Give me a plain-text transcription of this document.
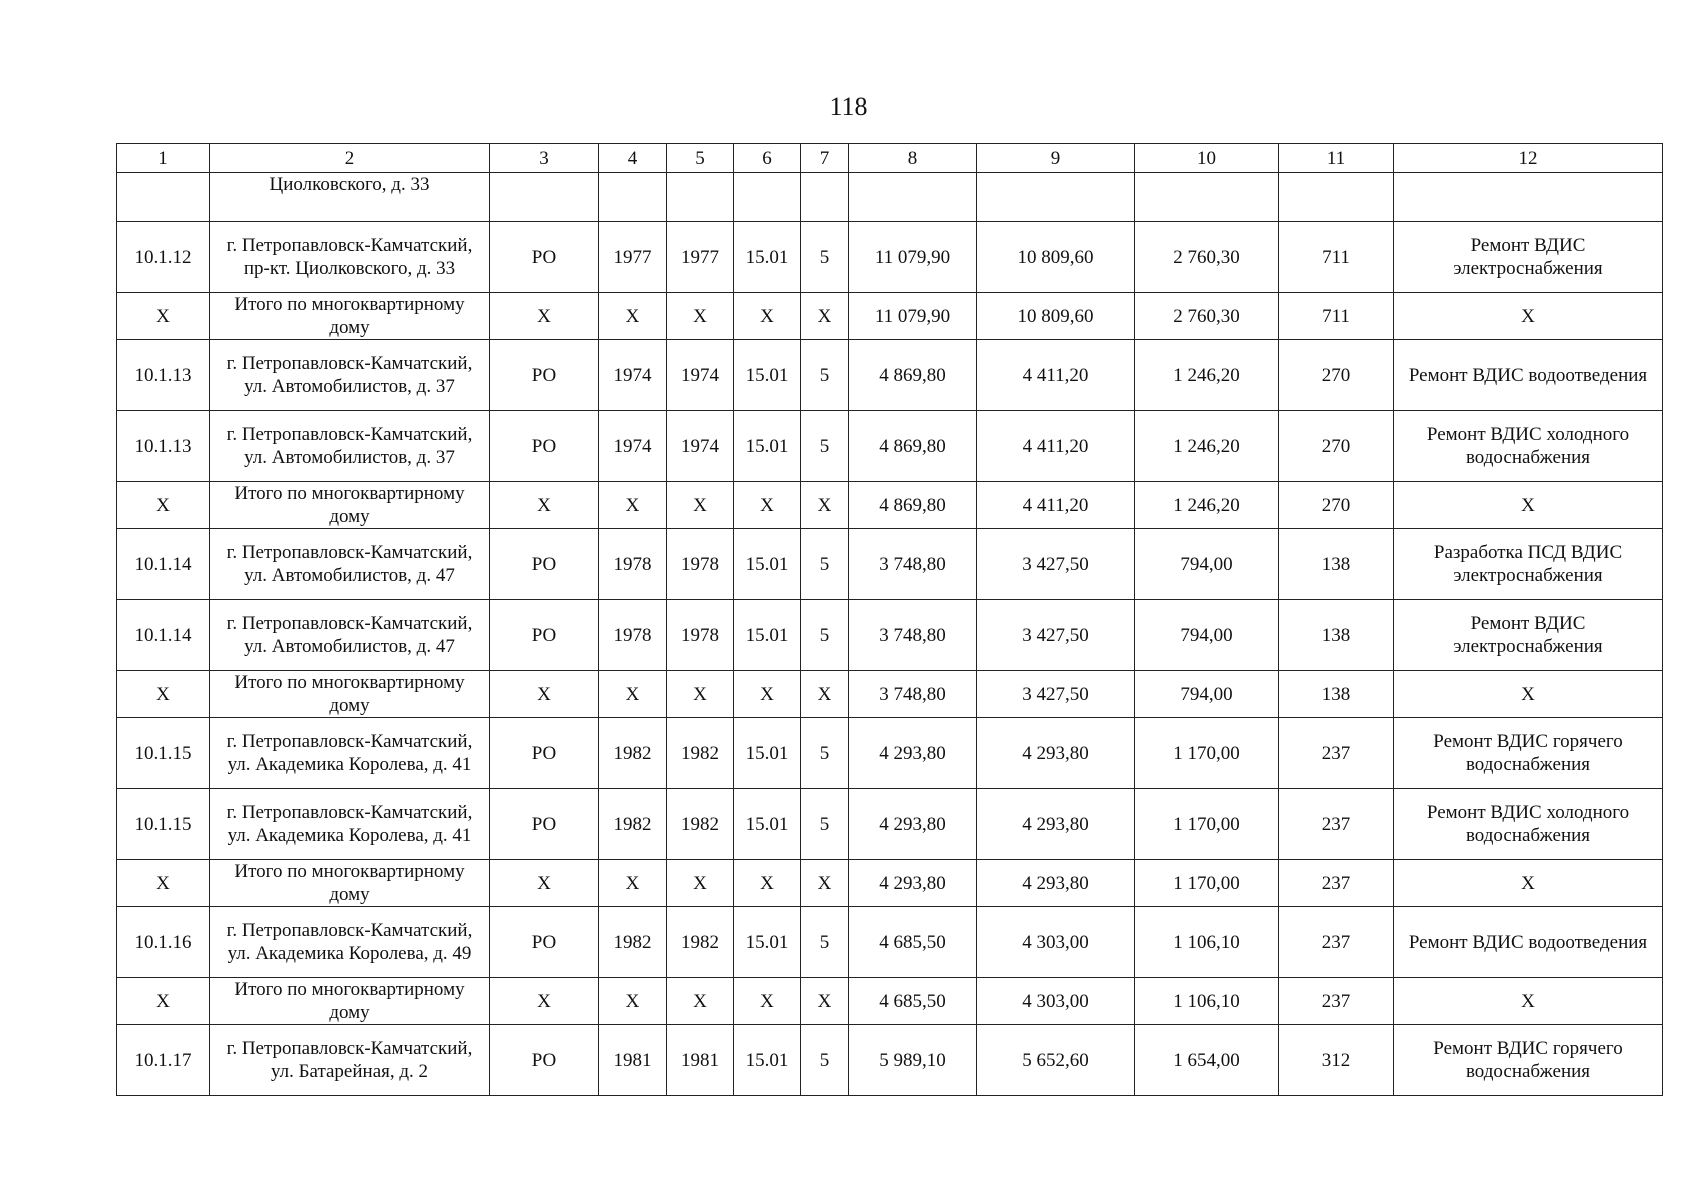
118
1	2	3	4	5	6	7	8	9	10	11	12
	Циолковского, д. 33										
10.1.12	г. Петропавловск-Камчатский, пр-кт. Циолковского, д. 33	РО	1977	1977	15.01	5	11 079,90	10 809,60	2 760,30	711	Ремонт ВДИС электроснабжения
Х	Итого по многоквартирному дому	Х	Х	Х	Х	Х	11 079,90	10 809,60	2 760,30	711	Х
10.1.13	г. Петропавловск-Камчатский, ул. Автомобилистов, д. 37	РО	1974	1974	15.01	5	4 869,80	4 411,20	1 246,20	270	Ремонт ВДИС водоотведения
10.1.13	г. Петропавловск-Камчатский, ул. Автомобилистов, д. 37	РО	1974	1974	15.01	5	4 869,80	4 411,20	1 246,20	270	Ремонт ВДИС холодного водоснабжения
Х	Итого по многоквартирному дому	Х	Х	Х	Х	Х	4 869,80	4 411,20	1 246,20	270	Х
10.1.14	г. Петропавловск-Камчатский, ул. Автомобилистов, д. 47	РО	1978	1978	15.01	5	3 748,80	3 427,50	794,00	138	Разработка ПСД ВДИС электроснабжения
10.1.14	г. Петропавловск-Камчатский, ул. Автомобилистов, д. 47	РО	1978	1978	15.01	5	3 748,80	3 427,50	794,00	138	Ремонт ВДИС электроснабжения
Х	Итого по многоквартирному дому	Х	Х	Х	Х	Х	3 748,80	3 427,50	794,00	138	Х
10.1.15	г. Петропавловск-Камчатский, ул. Академика Королева, д. 41	РО	1982	1982	15.01	5	4 293,80	4 293,80	1 170,00	237	Ремонт ВДИС горячего водоснабжения
10.1.15	г. Петропавловск-Камчатский, ул. Академика Королева, д. 41	РО	1982	1982	15.01	5	4 293,80	4 293,80	1 170,00	237	Ремонт ВДИС холодного водоснабжения
Х	Итого по многоквартирному дому	Х	Х	Х	Х	Х	4 293,80	4 293,80	1 170,00	237	Х
10.1.16	г. Петропавловск-Камчатский, ул. Академика Королева, д. 49	РО	1982	1982	15.01	5	4 685,50	4 303,00	1 106,10	237	Ремонт ВДИС водоотведения
Х	Итого по многоквартирному дому	Х	Х	Х	Х	Х	4 685,50	4 303,00	1 106,10	237	Х
10.1.17	г. Петропавловск-Камчатский, ул. Батарейная, д. 2	РО	1981	1981	15.01	5	5 989,10	5 652,60	1 654,00	312	Ремонт ВДИС горячего водоснабжения
